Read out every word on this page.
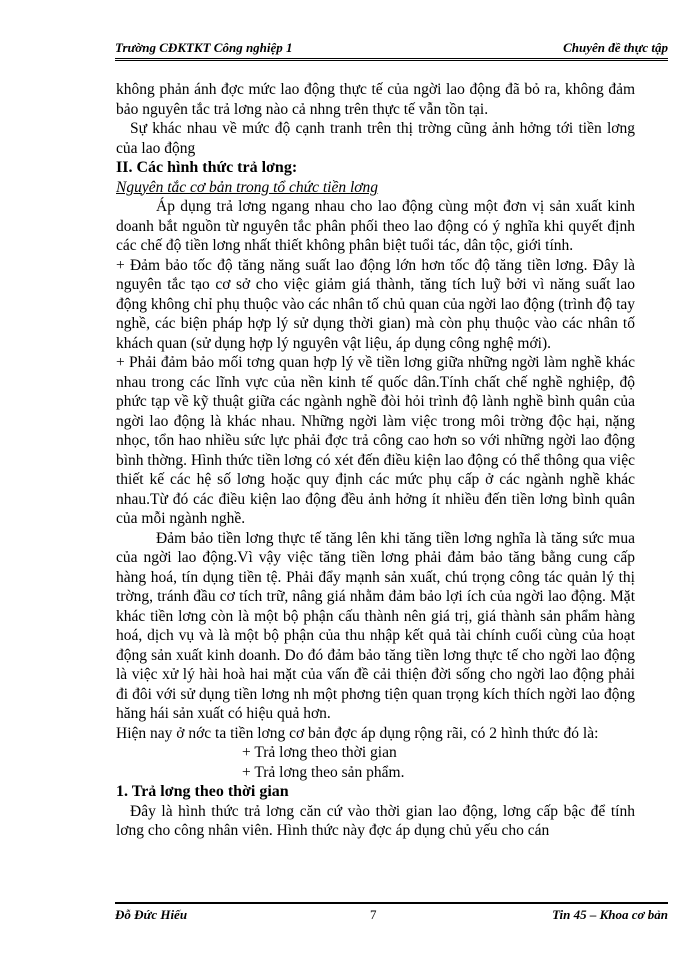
Trường CĐKTKT Công nghiệp 1	Chuyên đề thực tập

không phản ánh đợc mức lao động thực tế của ngời lao động đã bỏ ra, không đảm bảo nguyên tắc trả lơng nào cả nhng trên thực tế vẫn tồn tại.

Sự khác nhau về mức độ cạnh tranh trên thị trờng cũng ảnh hởng tới tiền lơng của lao động

II. Các hình thức trả lơng:

Nguyên tắc cơ bản trong tổ chức tiền lơng

Áp dụng trả lơng ngang nhau cho lao động cùng một đơn vị sản xuất kinh doanh bắt nguồn từ nguyên tắc phân phối theo lao động có ý nghĩa khi quyết định các chế độ tiền lơng nhất thiết không phân biệt tuổi tác, dân tộc, giới tính.

+ Đảm bảo tốc độ tăng năng suất lao động lớn hơn tốc độ tăng tiền lơng. Đây là nguyên tắc tạo cơ sở cho việc giảm giá thành, tăng tích luỹ bởi vì năng suất lao động không chỉ phụ thuộc vào các nhân tố chủ quan của ngời lao động (trình độ tay nghề, các biện pháp hợp lý sử dụng thời gian) mà còn phụ thuộc vào các nhân tố khách quan (sử dụng hợp lý nguyên vật liệu, áp dụng công nghệ mới).

+ Phải đảm bảo mối tơng quan hợp lý về tiền lơng giữa những ngời làm nghề khác nhau trong các lĩnh vực của nền kinh tế quốc dân.Tính chất chế nghề nghiệp, độ phức tạp về kỹ thuật giữa các ngành nghề đòi hỏi trình độ lành nghề bình quân của ngời lao động là khác nhau. Những ngời làm việc trong môi trờng độc hại, nặng nhọc, tổn hao nhiều sức lực phải đợc trả công cao hơn so với những ngời lao động bình thờng. Hình thức tiền lơng có xét đến điều kiện lao động có thể thông qua việc thiết kế các hệ số lơng hoặc quy định các mức phụ cấp ở các ngành nghề khác nhau.Từ đó các điều kiện lao động đều ảnh hởng ít nhiều đến tiền lơng bình quân của mỗi ngành nghề.

Đảm bảo tiền lơng thực tế tăng lên khi tăng tiền lơng nghĩa là tăng sức mua của ngời lao động.Vì vậy việc tăng tiền lơng phải đảm bảo tăng bằng cung cấp hàng hoá, tín dụng tiền tệ. Phải đẩy mạnh sản xuất, chú trọng công tác quản lý thị trờng, tránh đầu cơ tích trữ, nâng giá nhằm đảm bảo lợi ích của ngời lao động. Mặt khác tiền lơng còn là một bộ phận cấu thành nên giá trị, giá thành sản phẩm hàng hoá, dịch vụ và là một bộ phận của thu nhập kết quả tài chính cuối cùng của hoạt động sản xuất kinh doanh. Do đó đảm bảo tăng tiền lơng thực tế cho ngời lao động là việc xử lý hài hoà hai mặt của vấn đề cải thiện đời sống cho ngời lao động phải đi đôi với sử dụng tiền lơng nh một phơng tiện quan trọng kích thích ngời lao động hăng hái sản xuất có hiệu quả hơn.

Hiện nay ở nớc ta tiền lơng cơ bản đợc áp dụng rộng rãi, có 2 hình thức đó là:

+ Trả lơng theo thời gian

+ Trả lơng theo sản phẩm.

1. Trả lơng theo thời gian

Đây là hình thức trả lơng căn cứ vào thời gian lao động, lơng cấp bậc để tính lơng cho công nhân viên. Hình thức này đợc áp dụng chủ yếu cho cán

Đỗ Đức Hiếu	7	Tin 45 – Khoa cơ bản
